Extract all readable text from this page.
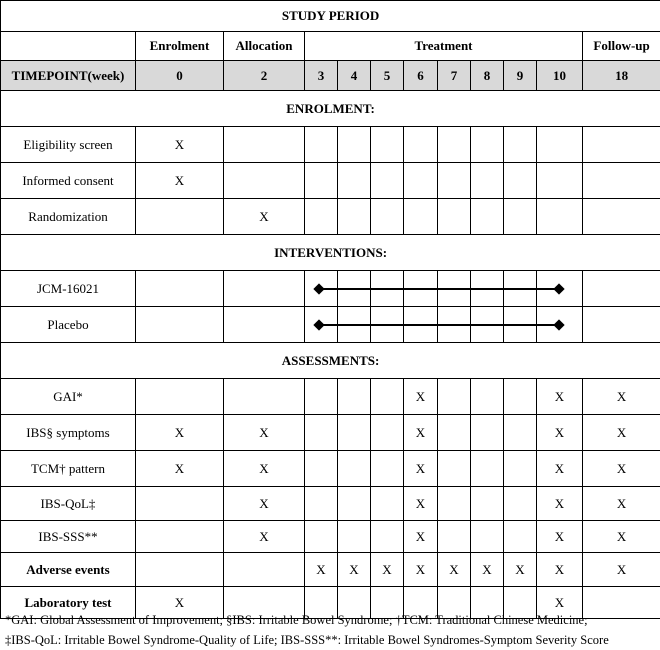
STUDY PERIOD											
	Enrolment	Allocation	Treatment								Follow-up
TIMEPOINT(week)	0	2	3	4	5	6	7	8	9	10	18
ENROLMENT:											
Eligibility screen	X										
Informed consent	X										
Randomization		X									
INTERVENTIONS:											
JCM-16021			

Placebo			

ASSESSMENTS:											
GAI*						X				X	X
IBS§ symptoms	X	X				X				X	X
TCM† pattern	X	X				X				X	X
IBS-QoL‡		X				X				X	X
IBS-SSS**		X				X				X	X
Adverse events			X	X	X	X	X	X	X	X	X
Laboratory test	X									X	
*GAI: Global Assessment of Improvement; §IBS: Irritable Bowel Syndrome; †TCM: Traditional Chinese Medicine;
‡IBS-QoL: Irritable Bowel Syndrome-Quality of Life; IBS-SSS**: Irritable Bowel Syndromes-Symptom Severity Score
